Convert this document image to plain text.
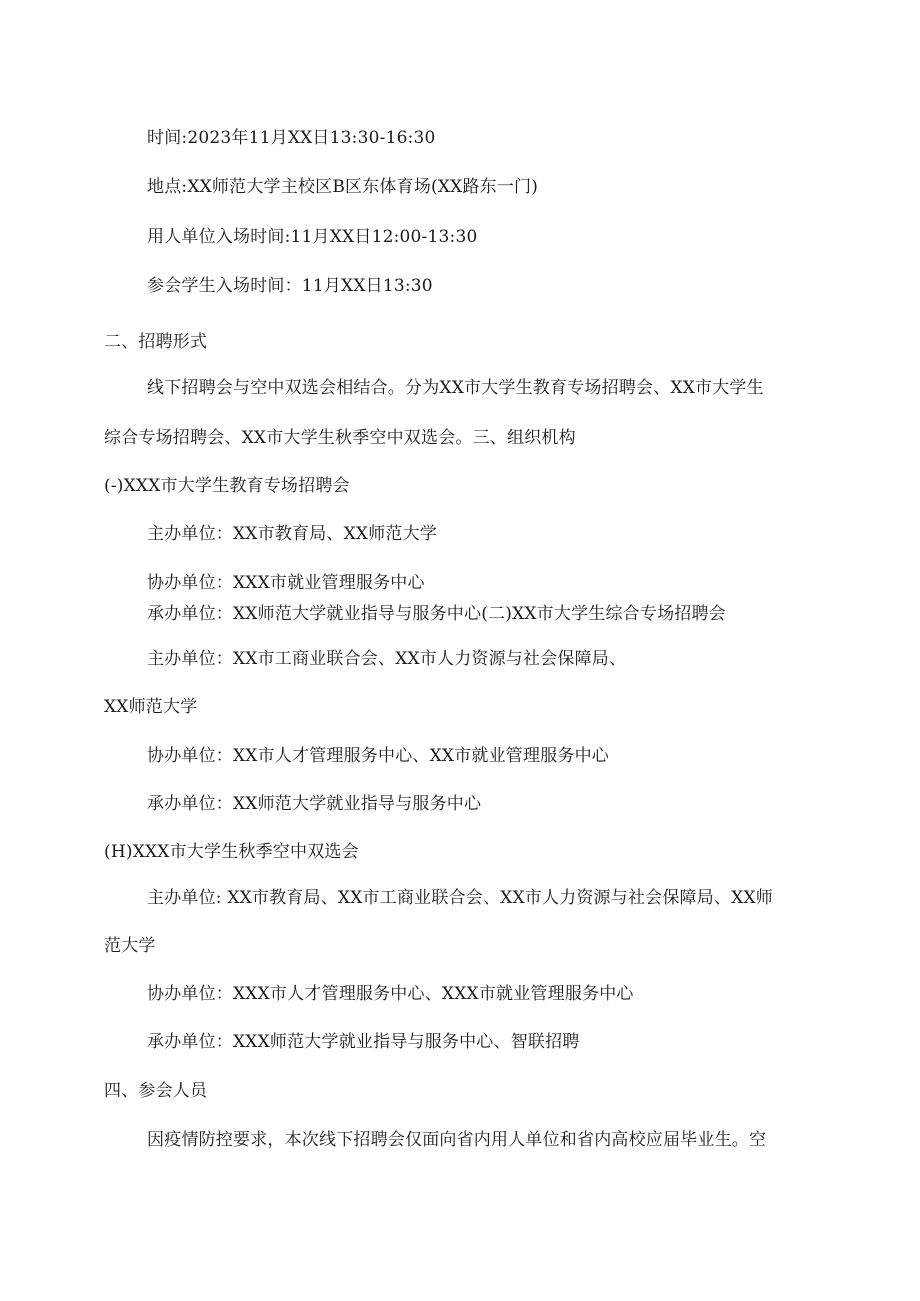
时间:2023年11月XX日13:30-16:30

地点:XX师范大学主校区B区东体育场(XX路东一门)

用人单位入场时间:11月XX日12:00-13:30

参会学生入场时间：11月XX日13:30

二、招聘形式

线下招聘会与空中双选会相结合。分为XX市大学生教育专场招聘会、XX市大学生

综合专场招聘会、XX市大学生秋季空中双选会。三、组织机构

(-)XXX市大学生教育专场招聘会

主办单位：XX市教育局、XX师范大学

协办单位：XXX市就业管理服务中心

承办单位：XX师范大学就业指导与服务中心(二)XX市大学生综合专场招聘会

主办单位：XX市工商业联合会、XX市人力资源与社会保障局、

XX师范大学

协办单位：XX市人才管理服务中心、XX市就业管理服务中心

承办单位：XX师范大学就业指导与服务中心

(H)XXX市大学生秋季空中双选会

主办单位: XX市教育局、XX市工商业联合会、XX市人力资源与社会保障局、XX师

范大学

协办单位：XXX市人才管理服务中心、XXX市就业管理服务中心

承办单位：XXX师范大学就业指导与服务中心、智联招聘

四、参会人员

因疫情防控要求，本次线下招聘会仅面向省内用人单位和省内高校应届毕业生。空
